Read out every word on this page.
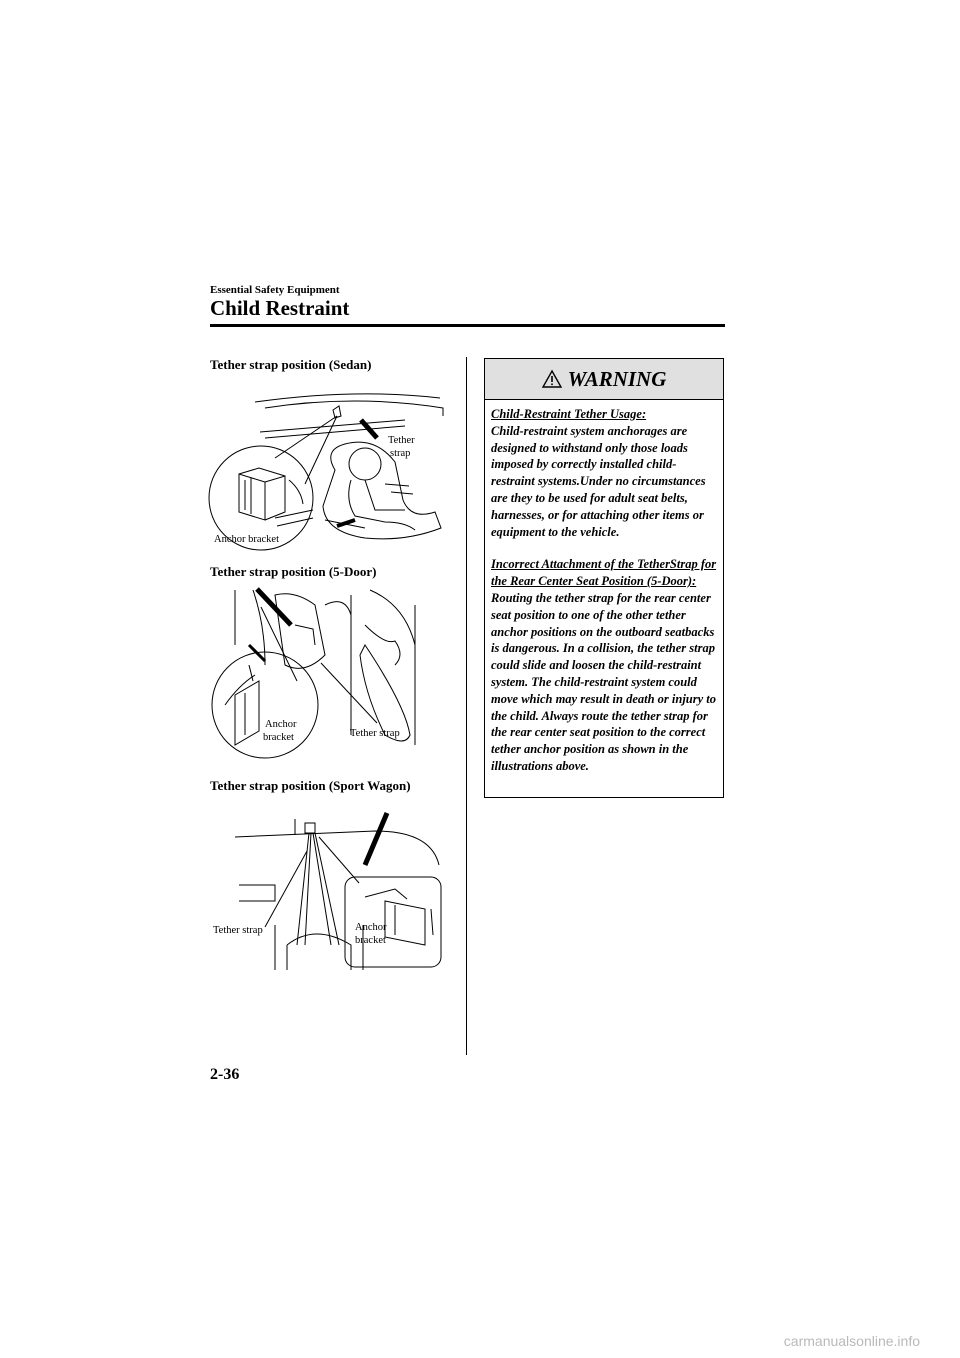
Essential Safety Equipment
Child Restraint
Tether strap position (Sedan)
Tether
strap
Anchor bracket
Tether strap position (5-Door)
Anchor
bracket	Tether strap
Tether strap position (Sport Wagon)
Tether strap	Anchor
bracket
WARNING

Child-Restraint Tether Usage:

Child-restraint system anchorages are designed to withstand only those loads imposed by correctly installed child-restraint systems.Under no circumstances are they to be used for adult seat belts, harnesses, or for attaching other items or equipment to the vehicle.

Incorrect Attachment of the TetherStrap for the Rear Center Seat Position (5-Door):

Routing the tether strap for the rear center seat position to one of the other tether anchor positions on the outboard seatbacks is dangerous. In a collision, the tether strap could slide and loosen the child-restraint system. The child-restraint system could move which may result in death or injury to the child. Always route the tether strap for the rear center seat position to the correct tether anchor position as shown in the illustrations above.

2-36
carmanualsonline.info
